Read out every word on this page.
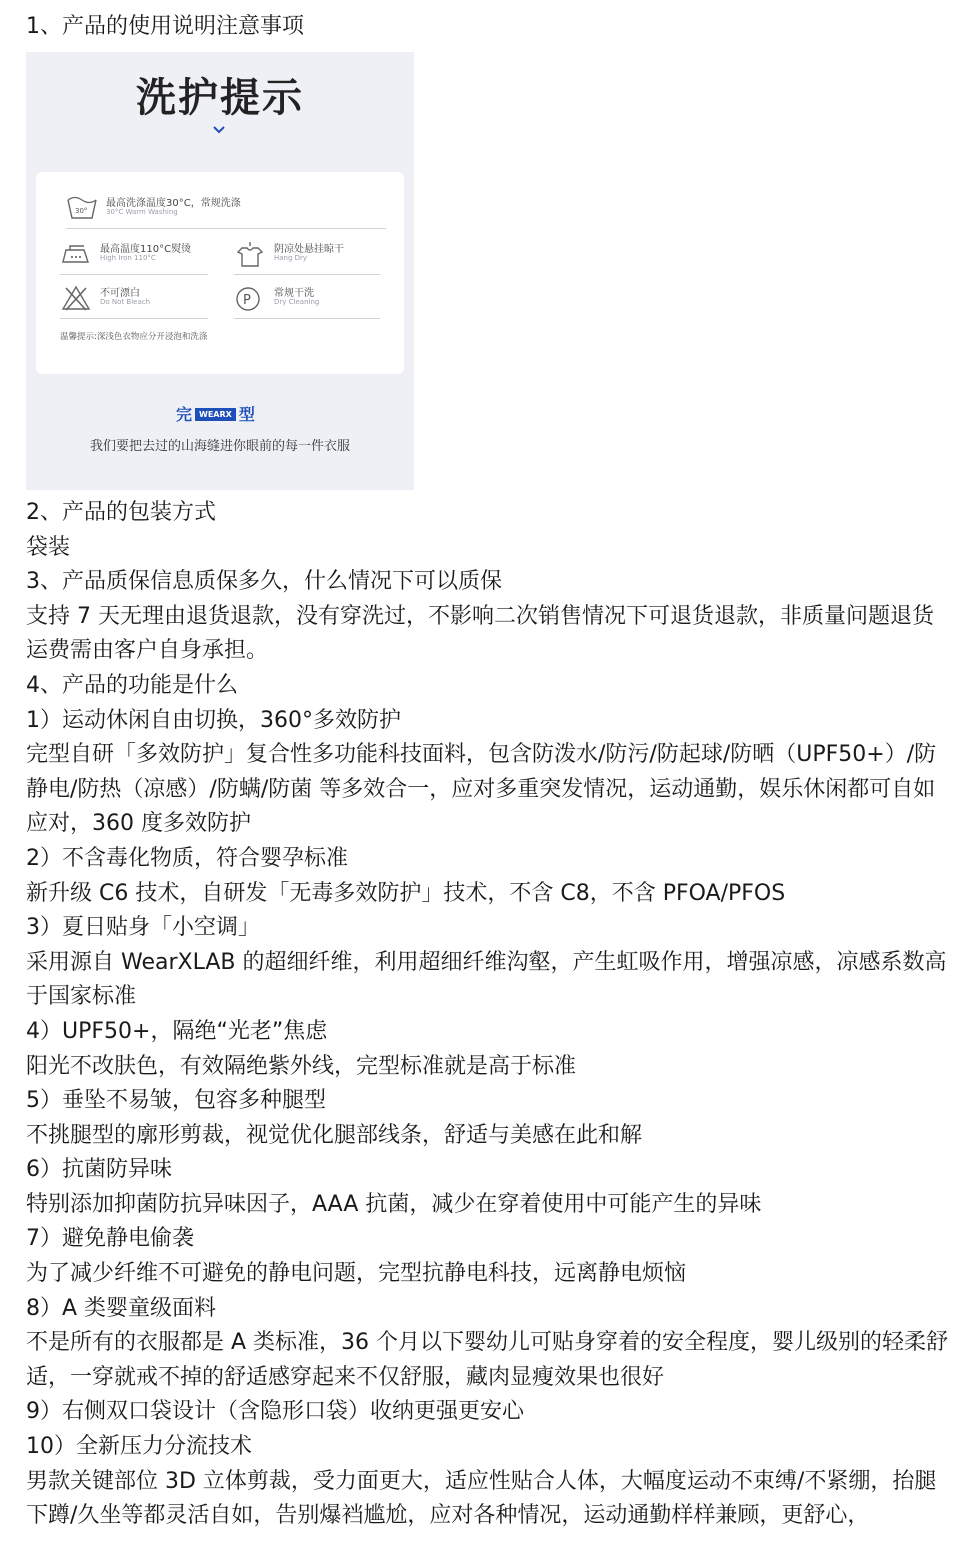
1、产品的使用说明注意事项
洗护提示
30°
最高洗涤温度30°C，常规洗涤
30°C Warm Washing
最高温度110°C熨烫
High Iron 110°C
阴凉处悬挂晾干
Hang Dry
不可漂白
Do Not Bleach	P 常规干洗
Dry Cleaning
温馨提示:深浅色衣物应分开浸泡和洗涤
完 WEARX 型
我们要把去过的山海缝进你眼前的每一件衣服
2、产品的包装方式
袋装
3、产品质保信息质保多久，什么情况下可以质保
支持 7 天无理由退货退款，没有穿洗过，不影响二次销售情况下可退货退款，非质量问题退货运费需由客户自身承担。
4、产品的功能是什么
1）运动休闲自由切换，360°多效防护
完型自研「多效防护」复合性多功能科技面料，包含防泼水/防污/防起球/防晒（UPF50+）/防静电/防热（凉感）/防螨/防菌 等多效合一，应对多重突发情况，运动通勤，娱乐休闲都可自如应对，360 度多效防护
2）不含毒化物质，符合婴孕标准
新升级 C6 技术，自研发「无毒多效防护」技术，不含 C8，不含 PFOA/PFOS
3）夏日贴身「小空调」
采用源自 WearXLAB 的超细纤维，利用超细纤维沟壑，产生虹吸作用，增强凉感，凉感系数高于国家标准
4）UPF50+，隔绝“光老”焦虑
阳光不改肤色，有效隔绝紫外线，完型标准就是高于标准
5）垂坠不易皱，包容多种腿型
不挑腿型的廓形剪裁，视觉优化腿部线条，舒适与美感在此和解
6）抗菌防异味
特别添加抑菌防抗异味因子，AAA 抗菌，减少在穿着使用中可能产生的异味
7）避免静电偷袭
为了减少纤维不可避免的静电问题，完型抗静电科技，远离静电烦恼
8）A 类婴童级面料
不是所有的衣服都是 A 类标准，36 个月以下婴幼儿可贴身穿着的安全程度，婴儿级别的轻柔舒适，一穿就戒不掉的舒适感穿起来不仅舒服，藏肉显瘦效果也很好
9）右侧双口袋设计（含隐形口袋）收纳更强更安心
10）全新压力分流技术
男款关键部位 3D 立体剪裁，受力面更大，适应性贴合人体，大幅度运动不束缚/不紧绷，抬腿下蹲/久坐等都灵活自如，告别爆裆尴尬，应对各种情况，运动通勤样样兼顾，更舒心，
